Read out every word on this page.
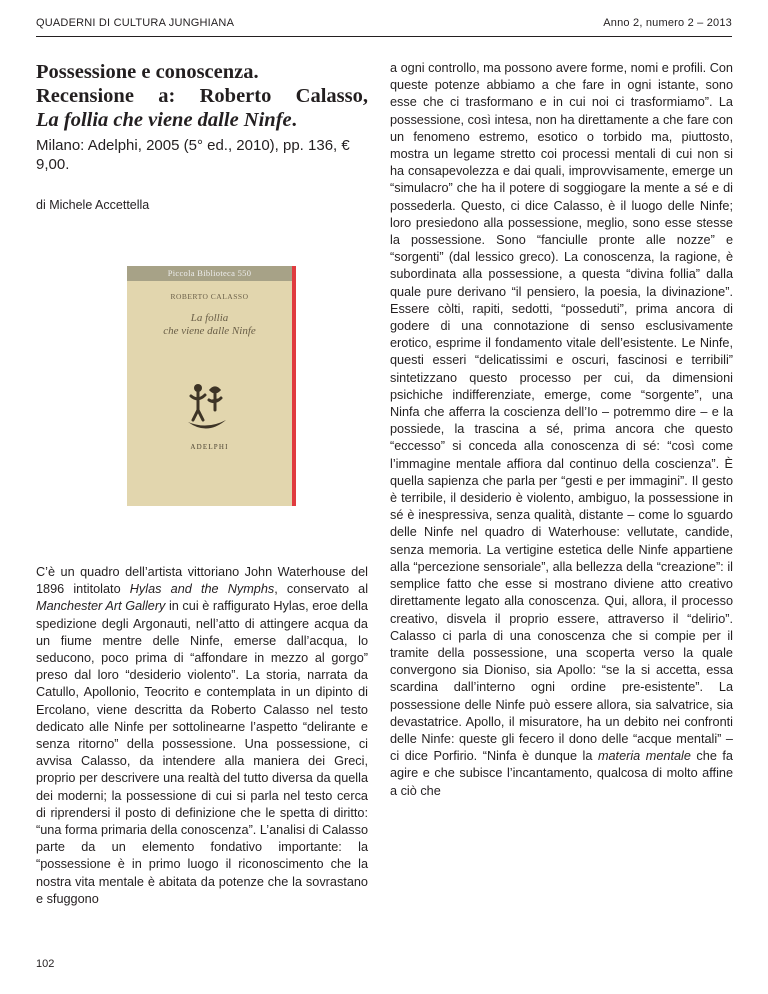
QUADERNI DI CULTURA JUNGHIANA	Anno 2, numero 2 – 2013
Possessione e conoscenza.
Recensione a: Roberto Calasso,
La follia che viene dalle Ninfe.

Milano: Adelphi, 2005 (5° ed., 2010), pp. 136, € 9,00.

di Michele Accettella
Piccola Biblioteca 550
ROBERTO CALASSO
La follia
che viene dalle Ninfe
ADELPHI

C’è un quadro dell’artista vittoriano John Waterhouse del 1896 intitolato Hylas and the Nymphs, conservato al Manchester Art Gallery in cui è raffigurato Hylas, eroe della spedizione degli Argonauti, nell’atto di attingere acqua da un fiume mentre delle Ninfe, emerse dall’acqua, lo seducono, poco prima di “affondare in mezzo al gorgo” preso dal loro “desiderio violento”. La storia, narrata da Catullo, Apollonio, Teocrito e contemplata in un dipinto di Ercolano, viene descritta da Roberto Calasso nel testo dedicato alle Ninfe per sottolinearne l’aspetto “delirante e senza ritorno” della possessione. Una possessione, ci avvisa Calasso, da intendere alla maniera dei Greci, proprio per descrivere una realtà del tutto diversa da quella dei moderni; la possessione di cui si parla nel testo cerca di riprendersi il posto di definizione che le spetta di diritto: “una forma primaria della conoscenza”. L’analisi di Calasso parte da un elemento fondativo importante: la “possessione è in primo luogo il riconoscimento che la nostra vita mentale è abitata da potenze che la sovrastano e sfuggono

a ogni controllo, ma possono avere forme, nomi e profili. Con queste potenze abbiamo a che fare in ogni istante, sono esse che ci trasformano e in cui noi ci trasformiamo”. La possessione, così intesa, non ha direttamente a che fare con un fenomeno estremo, esotico o torbido ma, piuttosto, mostra un legame stretto coi processi mentali di cui non si ha consapevolezza e dai quali, improvvisamente, emerge un “simulacro” che ha il potere di soggiogare la mente a sé e di possederla. Questo, ci dice Calasso, è il luogo delle Ninfe; loro presiedono alla possessione, meglio, sono esse stesse la possessione. Sono “fanciulle pronte alle nozze” e “sorgenti” (dal lessico greco). La conoscenza, la ragione, è subordinata alla possessione, a questa “divina follia” dalla quale pure derivano “il pensiero, la poesia, la divinazione”. Essere còlti, rapiti, sedotti, “posseduti”, prima ancora di godere di una connotazione di senso esclusivamente erotico, esprime il fondamento vitale dell’esistente. Le Ninfe, questi esseri “delicatissimi e oscuri, fascinosi e terribili” sintetizzano questo processo per cui, da dimensioni psichiche indifferenziate, emerge, come “sorgente”, una Ninfa che afferra la coscienza dell’Io – potremmo dire – e la possiede, la trascina a sé, prima ancora che questo “eccesso” si conceda alla conoscenza di sé: “così come l’immagine mentale affiora dal continuo della coscienza”. È quella sapienza che parla per “gesti e per immagini”. Il gesto è terribile, il desiderio è violento, ambiguo, la possessione in sé è inespressiva, senza qualità, distante – come lo sguardo delle Ninfe nel quadro di Waterhouse: vellutate, candide, senza memoria. La vertigine estetica delle Ninfe appartiene alla “percezione sensoriale”, alla bellezza della “creazione”: il semplice fatto che esse si mostrano diviene atto creativo direttamente legato alla conoscenza. Qui, allora, il processo creativo, disvela il proprio essere, attraverso il “delirio”. Calasso ci parla di una conoscenza che si compie per il tramite della possessione, una scoperta verso la quale convergono sia Dioniso, sia Apollo: “se la si accetta, essa scardina dall’interno ogni ordine pre-esistente”. La possessione delle Ninfe può essere allora, sia salvatrice, sia devastatrice. Apollo, il misuratore, ha un debito nei confronti delle Ninfe: queste gli fecero il dono delle “acque mentali” – ci dice Porfirio. “Ninfa è dunque la materia mentale che fa agire e che subisce l’incantamento, qualcosa di molto affine a ciò che

102
